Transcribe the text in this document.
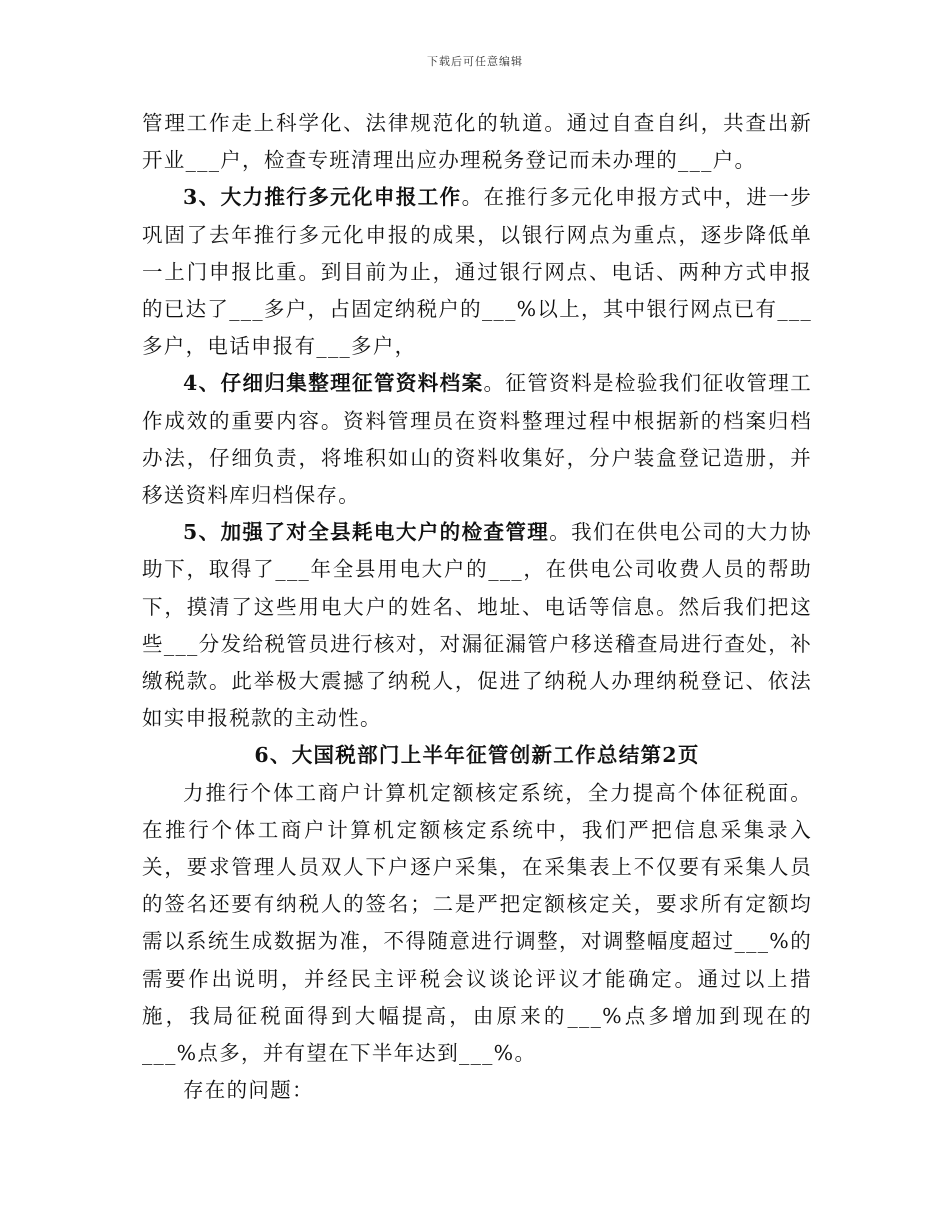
下载后可任意编辑

管理工作走上科学化、法律规范化的轨道。通过自查自纠，共查出新开业___户，检查专班清理出应办理税务登记而未办理的___户。

3、大力推行多元化申报工作。在推行多元化申报方式中，进一步巩固了去年推行多元化申报的成果，以银行网点为重点，逐步降低单一上门申报比重。到目前为止，通过银行网点、电话、两种方式申报的已达了___多户，占固定纳税户的___%以上，其中银行网点已有___多户，电话申报有___多户，

4、仔细归集整理征管资料档案。征管资料是检验我们征收管理工作成效的重要内容。资料管理员在资料整理过程中根据新的档案归档办法，仔细负责，将堆积如山的资料收集好，分户装盒登记造册，并移送资料库归档保存。

5、加强了对全县耗电大户的检查管理。我们在供电公司的大力协助下，取得了___年全县用电大户的___，在供电公司收费人员的帮助下，摸清了这些用电大户的姓名、地址、电话等信息。然后我们把这些___分发给税管员进行核对，对漏征漏管户移送稽查局进行查处，补缴税款。此举极大震撼了纳税人，促进了纳税人办理纳税登记、依法如实申报税款的主动性。

6、大国税部门上半年征管创新工作总结第2页

力推行个体工商户计算机定额核定系统，全力提高个体征税面。在推行个体工商户计算机定额核定系统中，我们严把信息采集录入关，要求管理人员双人下户逐户采集，在采集表上不仅要有采集人员的签名还要有纳税人的签名；二是严把定额核定关，要求所有定额均需以系统生成数据为准，不得随意进行调整，对调整幅度超过___%的需要作出说明，并经民主评税会议谈论评议才能确定。通过以上措施，我局征税面得到大幅提高，由原来的___%点多增加到现在的___%点多，并有望在下半年达到___%。

存在的问题：
